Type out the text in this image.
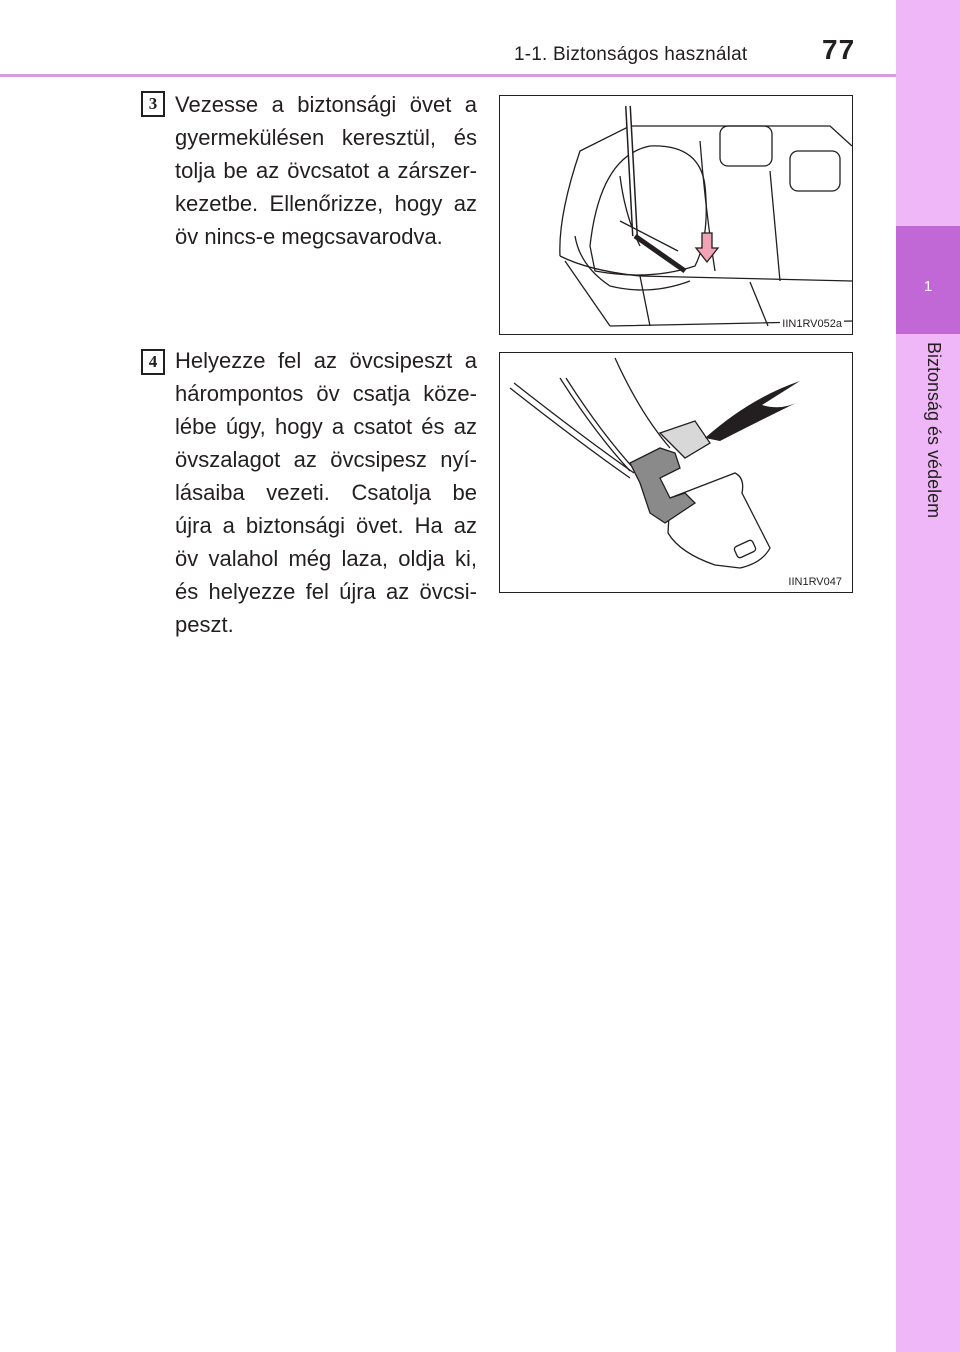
1-1. Biztonságos használat	77
1
Biztonság és védelem
3 Vezesse a biztonsági övet a
gyermekülésen keresztül, és
tolja be az övcsatot a zárszer-
kezetbe. Ellenőrizze, hogy az
öv nincs-e megcsavarodva.
IIN1RV052a
4 Helyezze fel az övcsipeszt a
hárompontos öv csatja köze-
lébe úgy, hogy a csatot és az
övszalagot az övcsipesz nyí-
lásaiba vezeti. Csatolja be
újra a biztonsági övet. Ha az
öv valahol még laza, oldja ki,
és helyezze fel újra az övcsi-
peszt.
IIN1RV047
